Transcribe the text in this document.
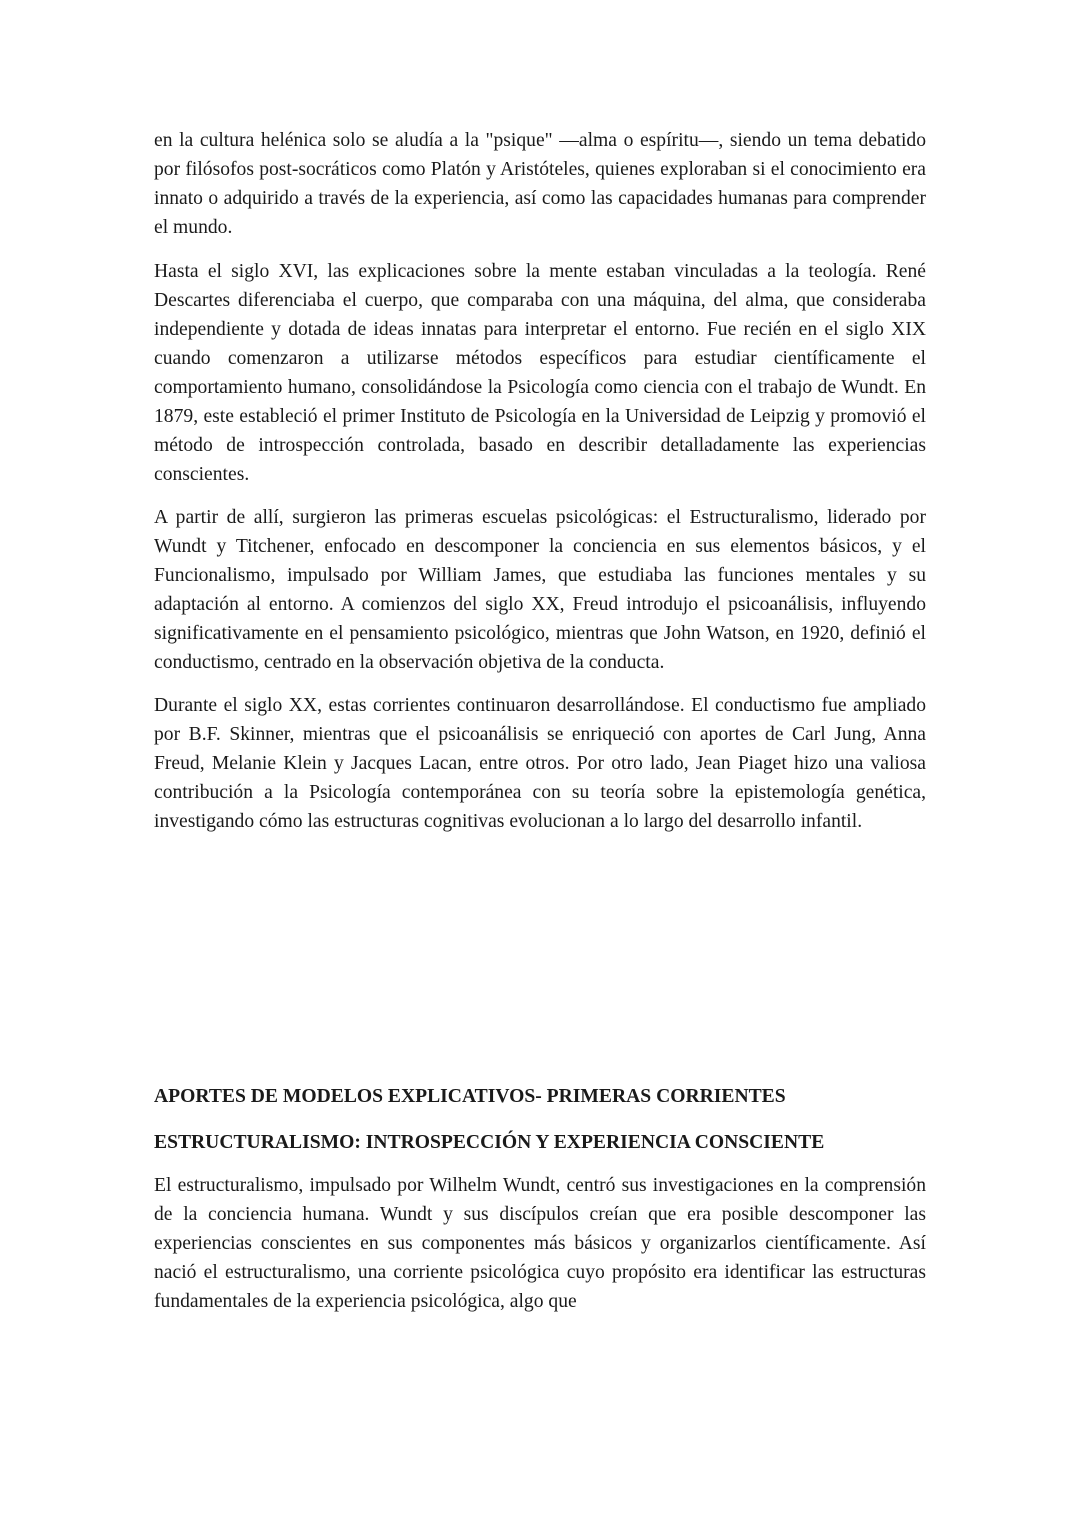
en la cultura helénica solo se aludía a la "psique" —alma o espíritu—, siendo un tema debatido por filósofos post-socráticos como Platón y Aristóteles, quienes exploraban si el conocimiento era innato o adquirido a través de la experiencia, así como las capacidades humanas para comprender el mundo.

Hasta el siglo XVI, las explicaciones sobre la mente estaban vinculadas a la teología. René Descartes diferenciaba el cuerpo, que comparaba con una máquina, del alma, que consideraba independiente y dotada de ideas innatas para interpretar el entorno. Fue recién en el siglo XIX cuando comenzaron a utilizarse métodos específicos para estudiar científicamente el comportamiento humano, consolidándose la Psicología como ciencia con el trabajo de Wundt. En 1879, este estableció el primer Instituto de Psicología en la Universidad de Leipzig y promovió el método de introspección controlada, basado en describir detalladamente las experiencias conscientes.

A partir de allí, surgieron las primeras escuelas psicológicas: el Estructuralismo, liderado por Wundt y Titchener, enfocado en descomponer la conciencia en sus elementos básicos, y el Funcionalismo, impulsado por William James, que estudiaba las funciones mentales y su adaptación al entorno. A comienzos del siglo XX, Freud introdujo el psicoanálisis, influyendo significativamente en el pensamiento psicológico, mientras que John Watson, en 1920, definió el conductismo, centrado en la observación objetiva de la conducta.

Durante el siglo XX, estas corrientes continuaron desarrollándose. El conductismo fue ampliado por B.F. Skinner, mientras que el psicoanálisis se enriqueció con aportes de Carl Jung, Anna Freud, Melanie Klein y Jacques Lacan, entre otros. Por otro lado, Jean Piaget hizo una valiosa contribución a la Psicología contemporánea con su teoría sobre la epistemología genética, investigando cómo las estructuras cognitivas evolucionan a lo largo del desarrollo infantil.

APORTES DE MODELOS EXPLICATIVOS- PRIMERAS CORRIENTES
ESTRUCTURALISMO: INTROSPECCIÓN Y EXPERIENCIA CONSCIENTE

El estructuralismo, impulsado por Wilhelm Wundt, centró sus investigaciones en la comprensión de la conciencia humana. Wundt y sus discípulos creían que era posible descomponer las experiencias conscientes en sus componentes más básicos y organizarlos científicamente. Así nació el estructuralismo, una corriente psicológica cuyo propósito era identificar las estructuras fundamentales de la experiencia psicológica, algo que
